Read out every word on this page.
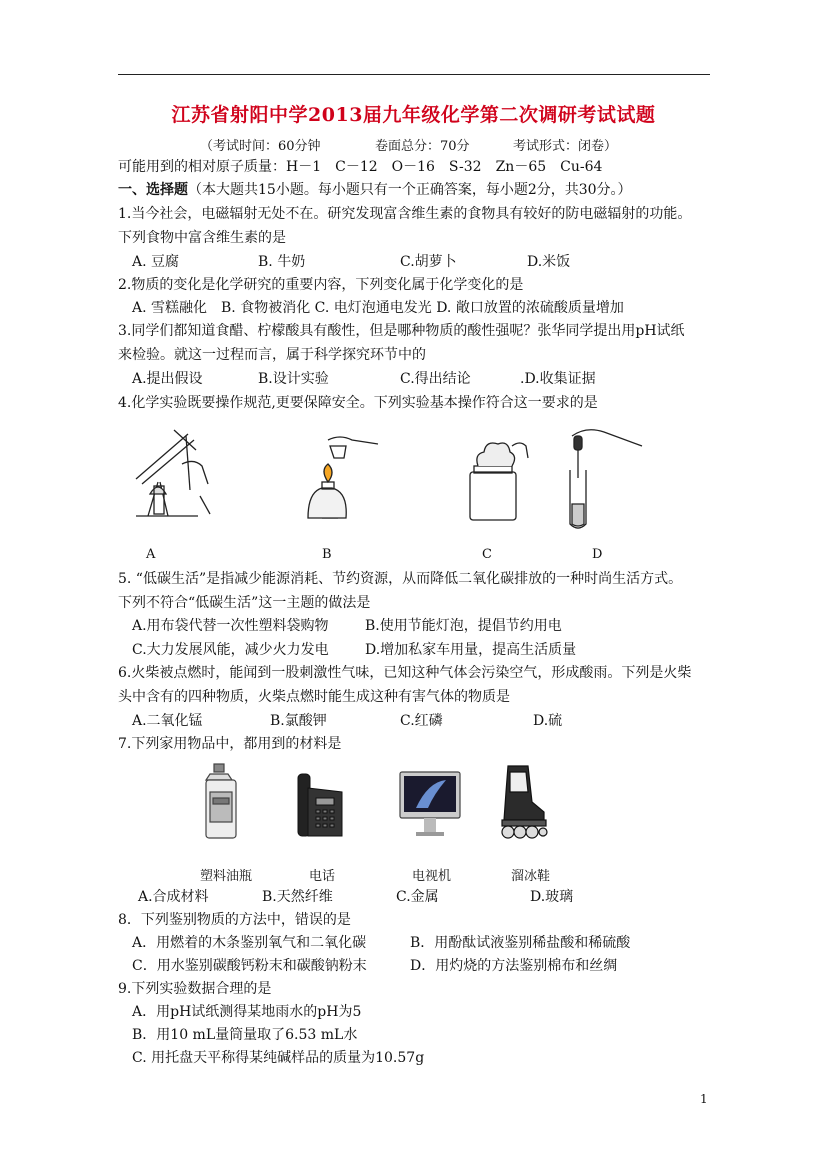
江苏省射阳中学2013届九年级化学第二次调研考试试题
（考试时间：60分钟	卷面总分：70分	考试形式：闭卷）
可能用到的相对原子质量：H－1　C－12　O－16　S-32　Zn－65　Cu-64
一、选择题（本大题共15小题。每小题只有一个正确答案，每小题2分，共30分。）
1.当今社会，电磁辐射无处不在。研究发现富含维生素的食物具有较好的防电磁辐射的功能。
下列食物中富含维生素的是
A. 豆腐	B. 牛奶	C.胡萝卜	D.米饭
2.物质的变化是化学研究的重要内容，下列变化属于化学变化的是
A. 雪糕融化　B. 食物被消化 C. 电灯泡通电发光 D. 敞口放置的浓硫酸质量增加
3.同学们都知道食醋、柠檬酸具有酸性，但是哪种物质的酸性强呢？张华同学提出用pH试纸
来检验。就这一过程而言，属于科学探究环节中的
A.提出假设	B.设计实验	C.得出结论	.D.收集证据
4.化学实验既要操作规范,更要保障安全。下列实验基本操作符合这一要求的是
A	B	C	D
5. “低碳生活”是指减少能源消耗、节约资源，从而降低二氧化碳排放的一种时尚生活方式。
下列不符合“低碳生活”这一主题的做法是
A.用布袋代替一次性塑料袋购物	B.使用节能灯泡，提倡节约用电
C.大力发展风能，减少火力发电	D.增加私家车用量，提高生活质量
6.火柴被点燃时，能闻到一股刺激性气味，已知这种气体会污染空气，形成酸雨。下列是火柴
头中含有的四种物质，火柴点燃时能生成这种有害气体的物质是
A.二氧化锰	B.氯酸钾	C.红磷	D.硫
7.下列家用物品中，都用到的材料是
塑料油瓶	电话	电视机	溜冰鞋
A.合成材料	B.天然纤维	C.金属	D.玻璃
8．下列鉴别物质的方法中，错误的是
A．用燃着的木条鉴别氧气和二氧化碳	B．用酚酞试液鉴别稀盐酸和稀硫酸
C．用水鉴别碳酸钙粉末和碳酸钠粉末	D．用灼烧的方法鉴别棉布和丝绸
9.下列实验数据合理的是
A．用pH试纸测得某地雨水的pH为5
B．用10 mL量筒量取了6.53 mL水
C. 用托盘天平称得某纯碱样品的质量为10.57g
1
